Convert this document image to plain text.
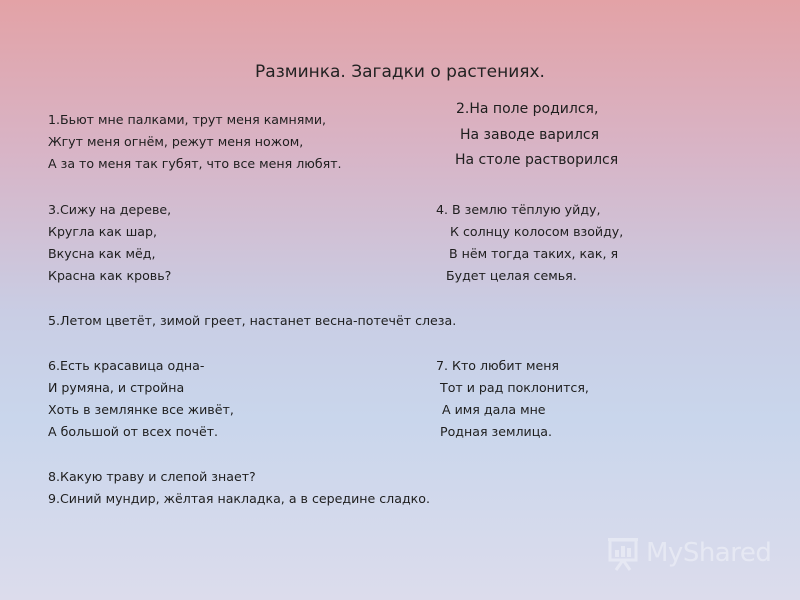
Разминка. Загадки о растениях.
1.Бьют мне палками, трут меня камнями,
Жгут меня огнём, режут меня ножом,
А за то меня так губят, что все меня любят.
2.На поле родился,
На заводе варился
На столе растворился
3.Сижу на дереве,
Кругла как шар,
Вкусна как мёд,
Красна как кровь?
4. В землю тёплую уйду,
К солнцу колосом взойду,
В нём тогда таких, как, я
Будет целая семья.
5.Летом цветёт, зимой греет, настанет весна-потечёт слеза.
6.Есть красавица одна-
И румяна, и стройна
Хоть в землянке все живёт,
А большой от всех почёт.
7. Кто любит меня
Тот и рад поклонится,
А имя дала мне
Родная землица.
8.Какую траву и слепой знает?
9.Синий мундир, жёлтая накладка, а в середине сладко.
MyShared
